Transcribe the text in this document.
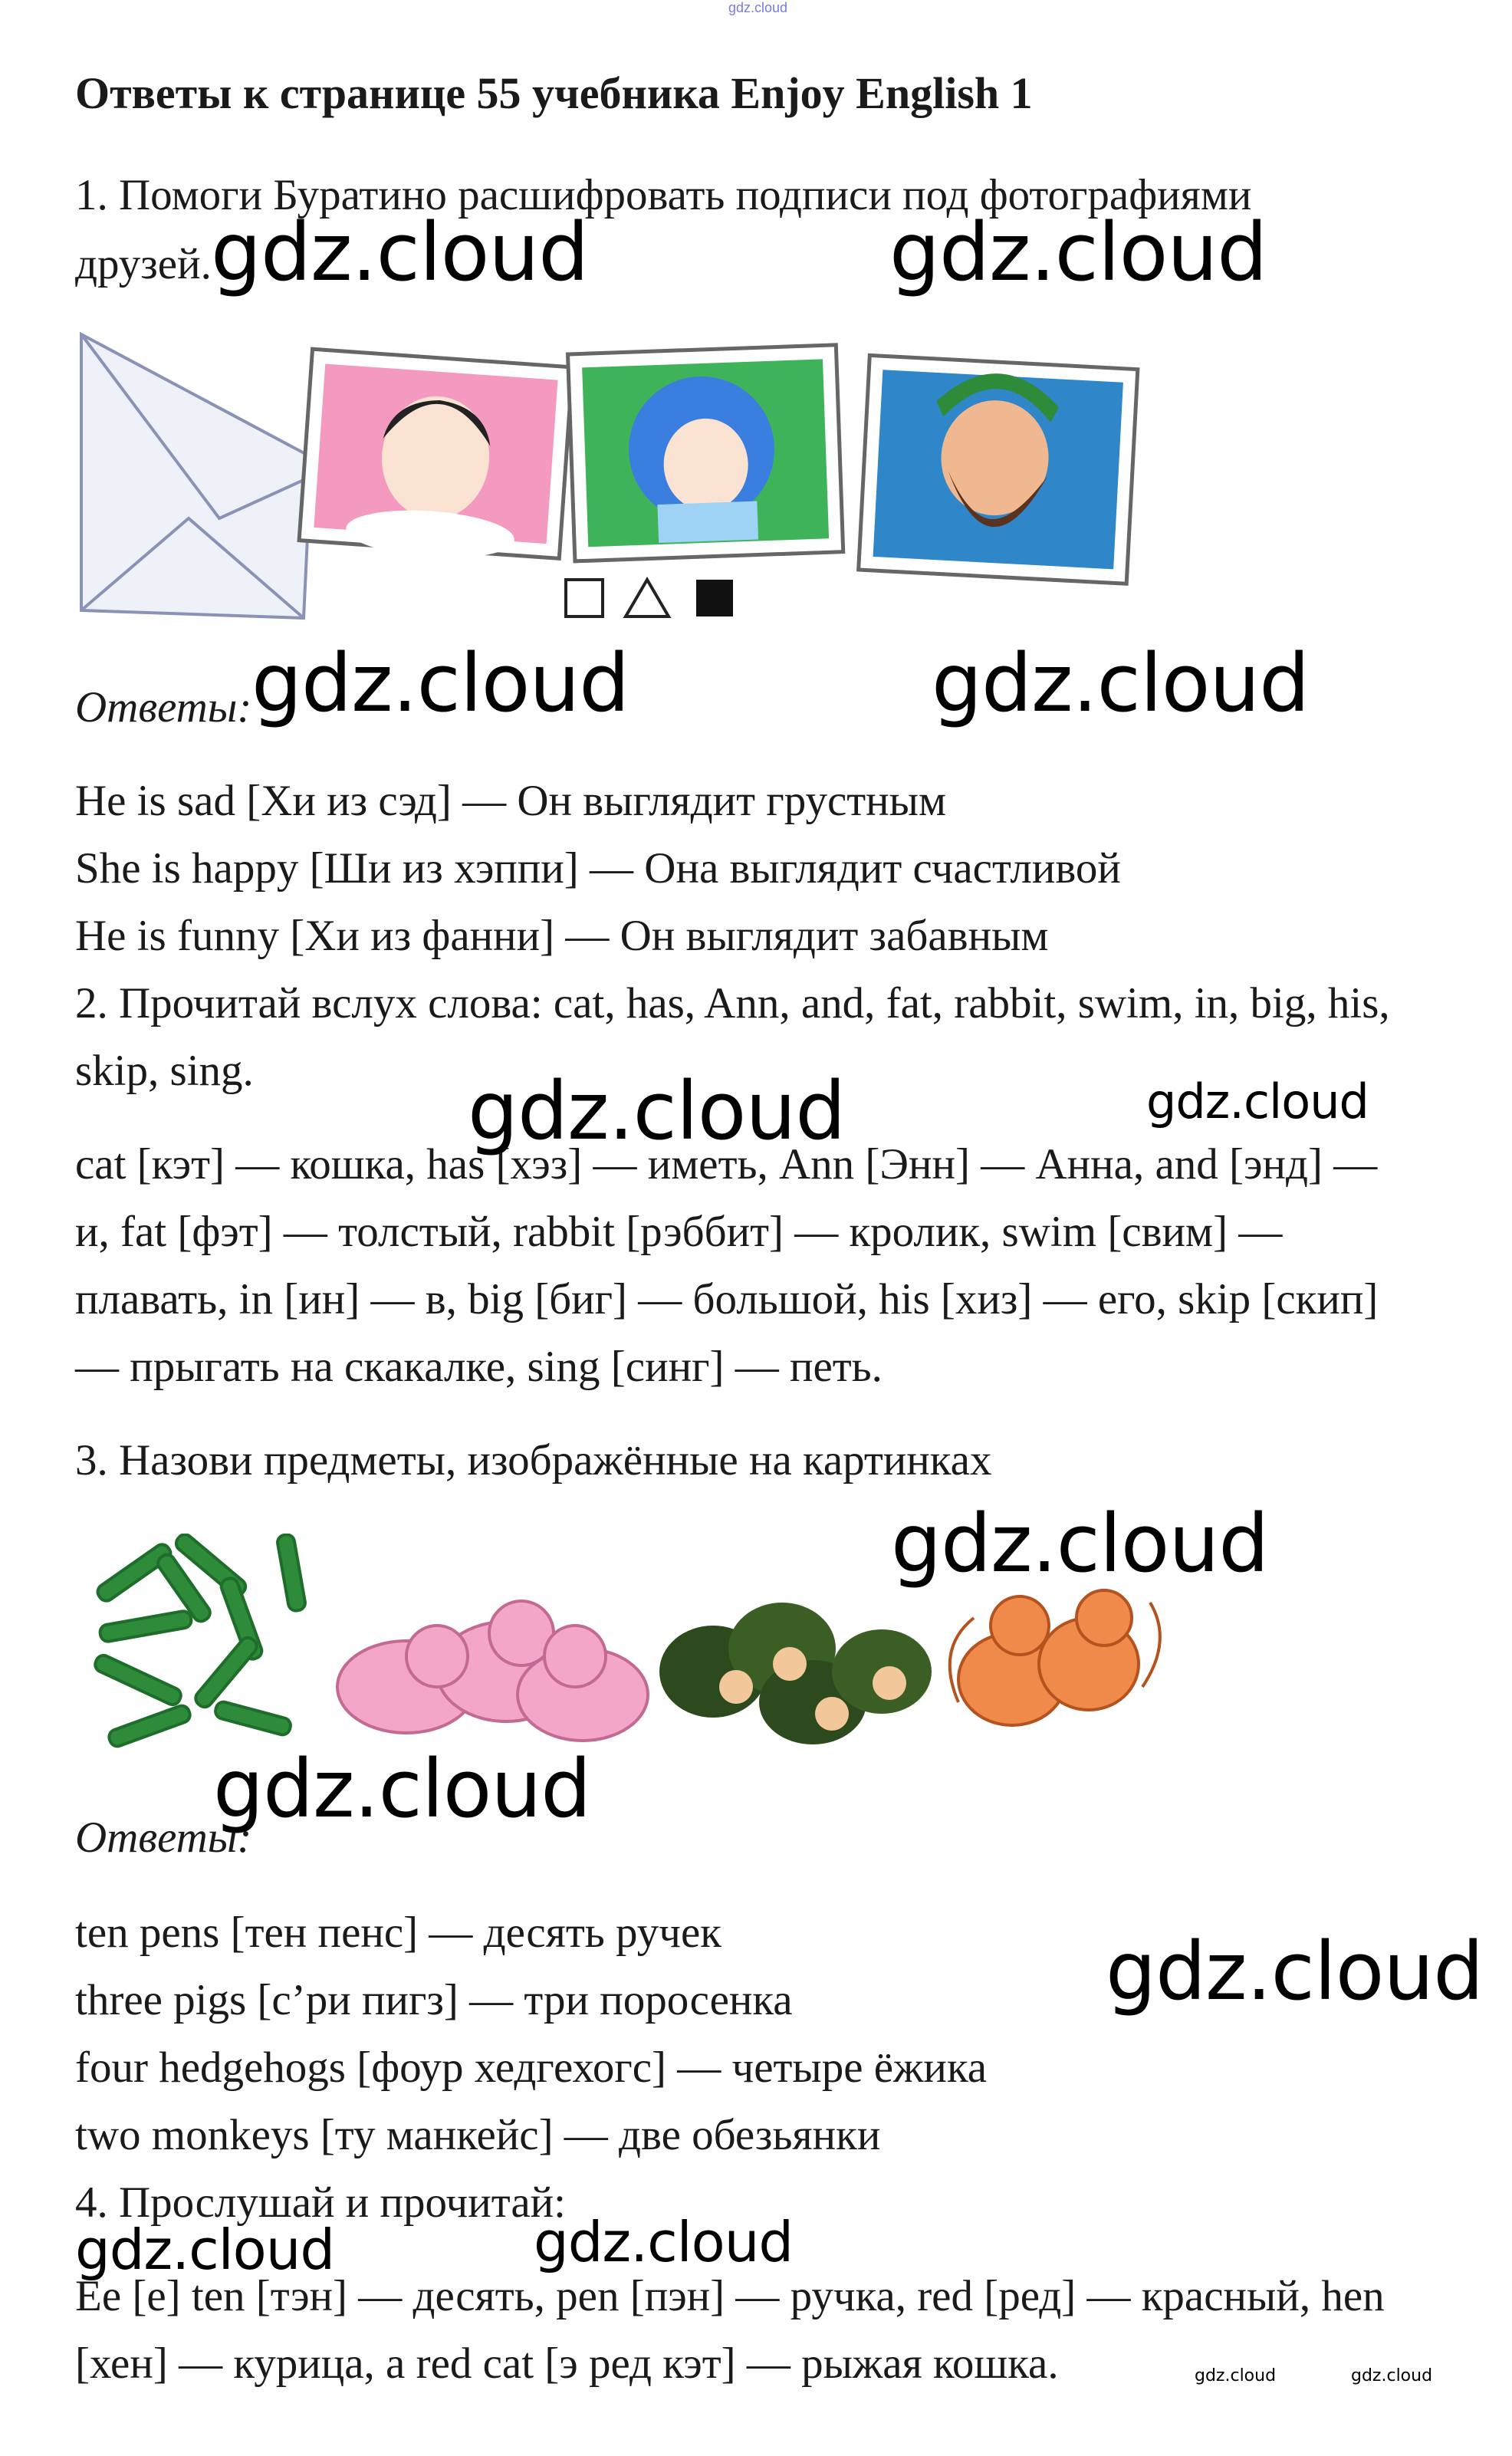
gdz.cloud
Ответы к странице 55 учебника Enjoy English 1
1. Помоги Буратино расшифровать подписи под фотографиями
друзей.
Ответы:
He is sad [Хи из сэд] — Он выглядит грустным
She is happy [Ши из хэппи] — Она выглядит счастливой
He is funny [Хи из фанни] — Он выглядит забавным
2. Прочитай вслух слова: cat, has, Ann, and, fat, rabbit, swim, in, big, his,
skip, sing.
cat [кэт] — кошка, has [хэз] — иметь, Ann [Энн] — Анна, and [энд] —
и, fat [фэт] — толстый, rabbit [рэббит] — кролик, swim [свим] —
плавать, in [ин] — в, big [биг] — большой, his [хиз] — его, skip [скип]
— прыгать на скакалке, sing [синг] — петь.
3. Назови предметы, изображённые на картинках
Ответы:
ten pens [тен пенс] — десять ручек
three pigs [с’ри пигз] — три поросенка
four hedgehogs [фоур хедгехогс] — четыре ёжика
two monkeys [ту манкейс] — две обезьянки
4. Прослушай и прочитай:
Ee [e] ten [тэн] — десять, pen [пэн] — ручка, red [ред] — красный, hen
[хен] — курица, a red cat [э ред кэт] — рыжая кошка.
gdz.cloud	gdz.cloud
gdz.cloud	gdz.cloud
gdz.cloud	gdz.cloud
gdz.cloud
gdz.cloud
gdz.cloud
gdz.cloud	gdz.cloud
gdz.cloud	gdz.cloud
